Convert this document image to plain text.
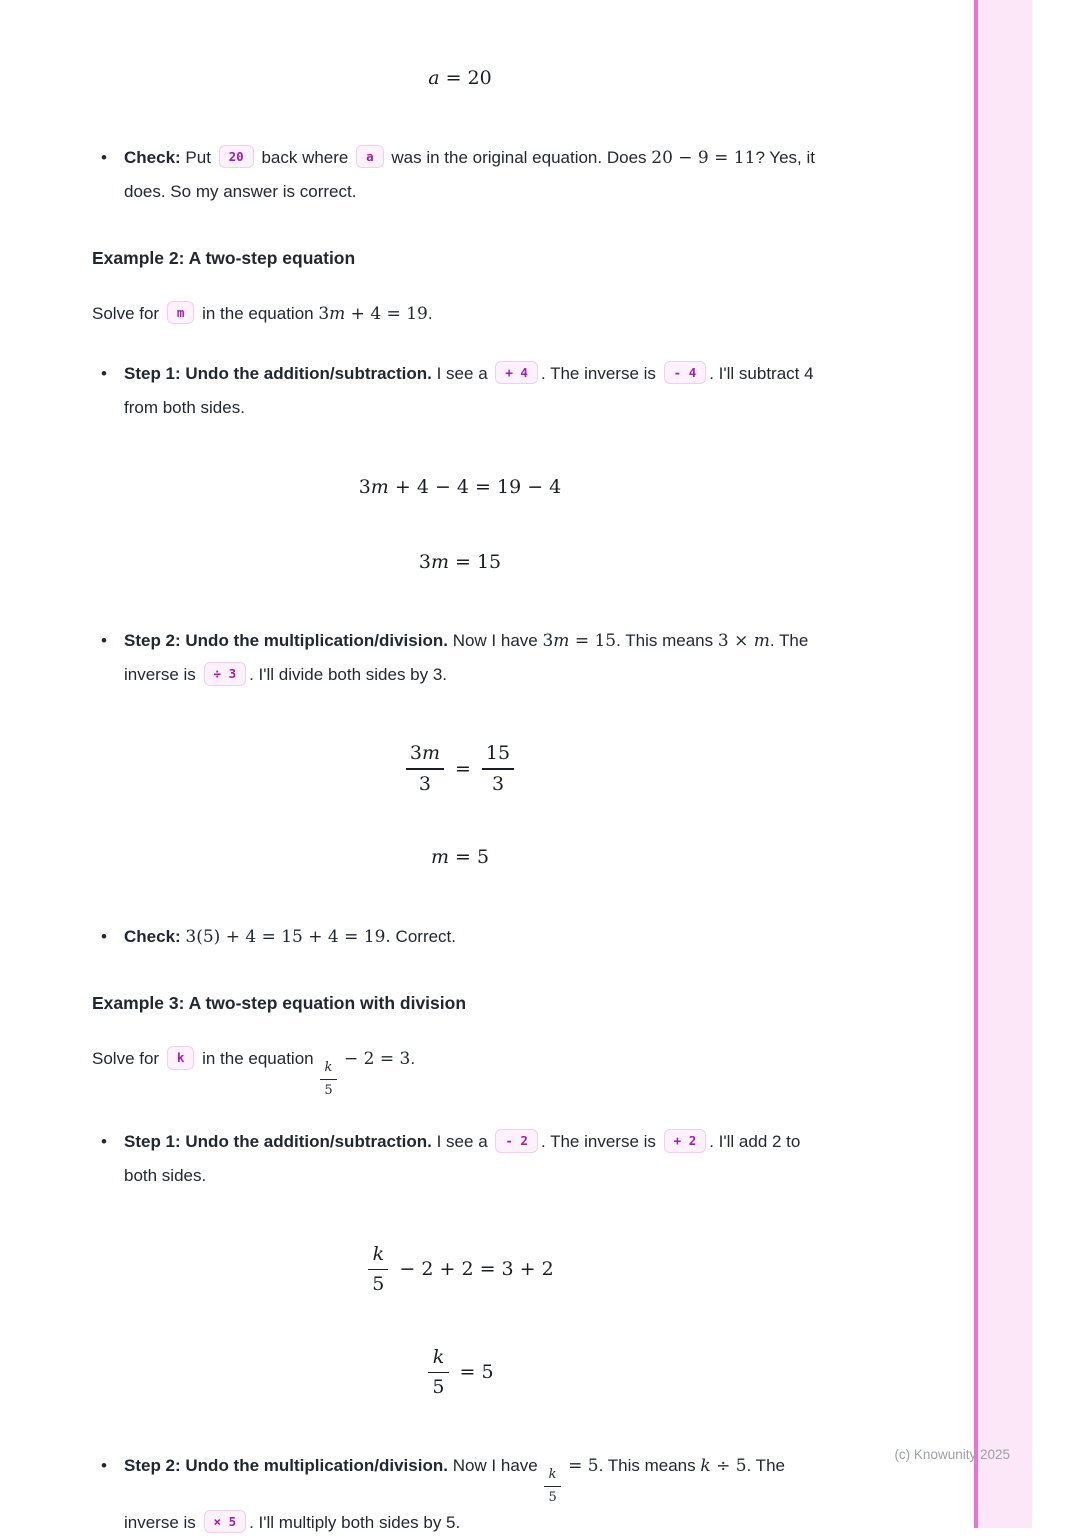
a = 20
• Check: Put 20 back where a was in the original equation. Does 20 − 9 = 11? Yes, it does. So my answer is correct.
Example 2: A two-step equation

Solve for m in the equation 3m + 4 = 19.

• Step 1: Undo the addition/subtraction. I see a + 4 . The inverse is - 4 . I'll subtract 4 from both sides.
3m + 4 − 4 = 19 − 4
3m = 15
• Step 2: Undo the multiplication/division. Now I have 3m = 15. This means 3 × m. The inverse is ÷ 3 . I'll divide both sides by 3.
$\frac{3m}{3} = \frac{15}{3}$
m = 5
• Check: 3(5) + 4 = 15 + 4 = 19. Correct.
Example 3: A two-step equation with division

Solve for k in the equation
$\frac{k}{5}$
− 2 = 3.

• Step 1: Undo the addition/subtraction. I see a - 2 . The inverse is + 2 . I'll add 2 to both sides.
$\frac{k}{5} - 2 + 2 = 3 + 2$
$\frac{k}{5} = 5$
• Step 2: Undo the multiplication/division. Now I have
$\frac{k}{5}$
= 5. This means k ÷ 5. The inverse is × 5 . I'll multiply both sides by 5.
(c) Knowunity 2025
